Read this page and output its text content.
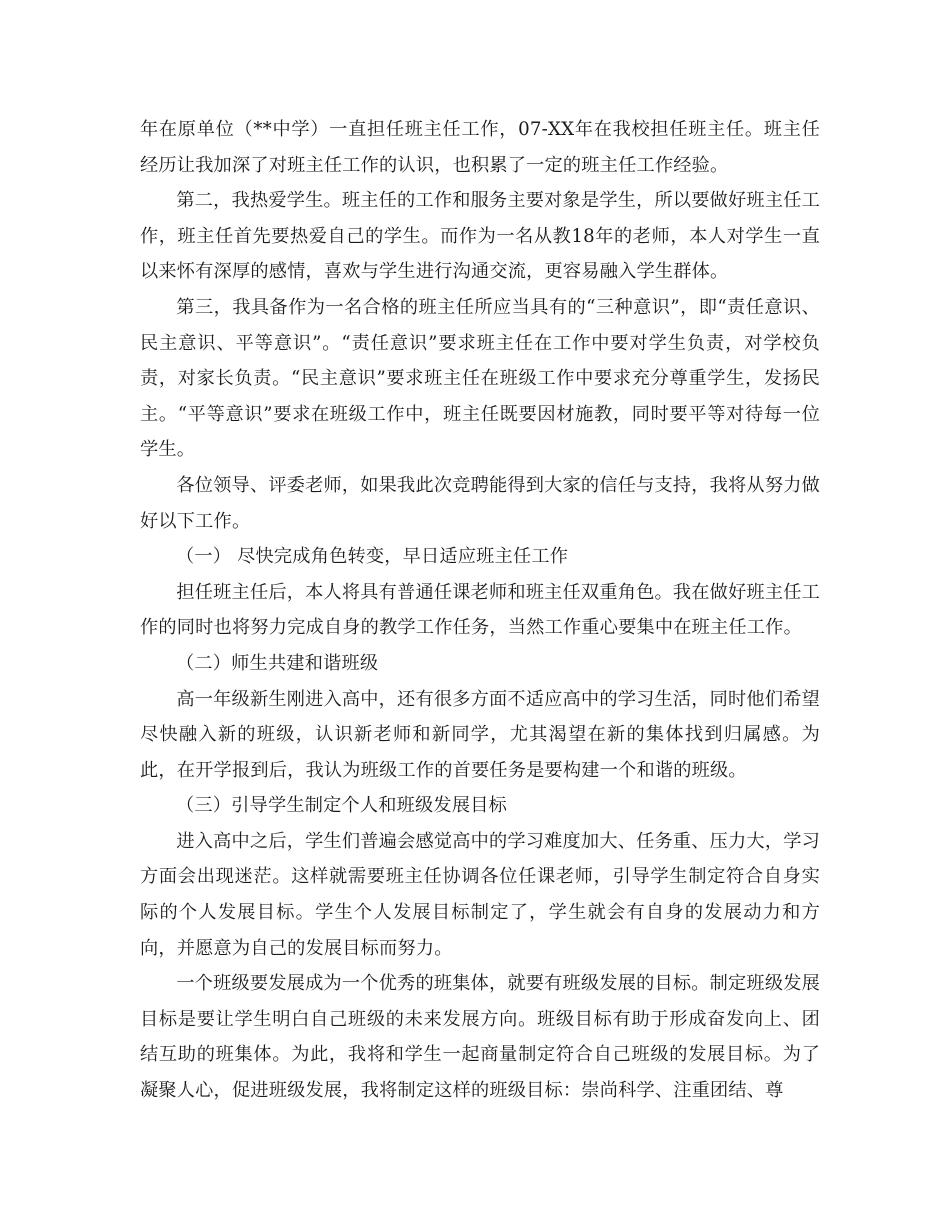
年在原单位（**中学）一直担任班主任工作，07-XX年在我校担任班主任。班主任经历让我加深了对班主任工作的认识，也积累了一定的班主任工作经验。

第二，我热爱学生。班主任的工作和服务主要对象是学生，所以要做好班主任工作，班主任首先要热爱自己的学生。而作为一名从教18年的老师，本人对学生一直以来怀有深厚的感情，喜欢与学生进行沟通交流，更容易融入学生群体。

第三，我具备作为一名合格的班主任所应当具有的“三种意识”，即“责任意识、民主意识、平等意识”。“责任意识”要求班主任在工作中要对学生负责，对学校负责，对家长负责。“民主意识”要求班主任在班级工作中要求充分尊重学生，发扬民主。“平等意识”要求在班级工作中，班主任既要因材施教，同时要平等对待每一位学生。

各位领导、评委老师，如果我此次竞聘能得到大家的信任与支持，我将从努力做好以下工作。

（一） 尽快完成角色转变，早日适应班主任工作

担任班主任后，本人将具有普通任课老师和班主任双重角色。我在做好班主任工作的同时也将努力完成自身的教学工作任务，当然工作重心要集中在班主任工作。

（二）师生共建和谐班级

高一年级新生刚进入高中，还有很多方面不适应高中的学习生活，同时他们希望尽快融入新的班级，认识新老师和新同学，尤其渴望在新的集体找到归属感。为此，在开学报到后，我认为班级工作的首要任务是要构建一个和谐的班级。

（三）引导学生制定个人和班级发展目标

进入高中之后，学生们普遍会感觉高中的学习难度加大、任务重、压力大，学习方面会出现迷茫。这样就需要班主任协调各位任课老师，引导学生制定符合自身实际的个人发展目标。学生个人发展目标制定了，学生就会有自身的发展动力和方向，并愿意为自己的发展目标而努力。

一个班级要发展成为一个优秀的班集体，就要有班级发展的目标。制定班级发展目标是要让学生明白自己班级的未来发展方向。班级目标有助于形成奋发向上、团结互助的班集体。为此，我将和学生一起商量制定符合自己班级的发展目标。为了凝聚人心，促进班级发展，我将制定这样的班级目标：崇尚科学、注重团结、尊
